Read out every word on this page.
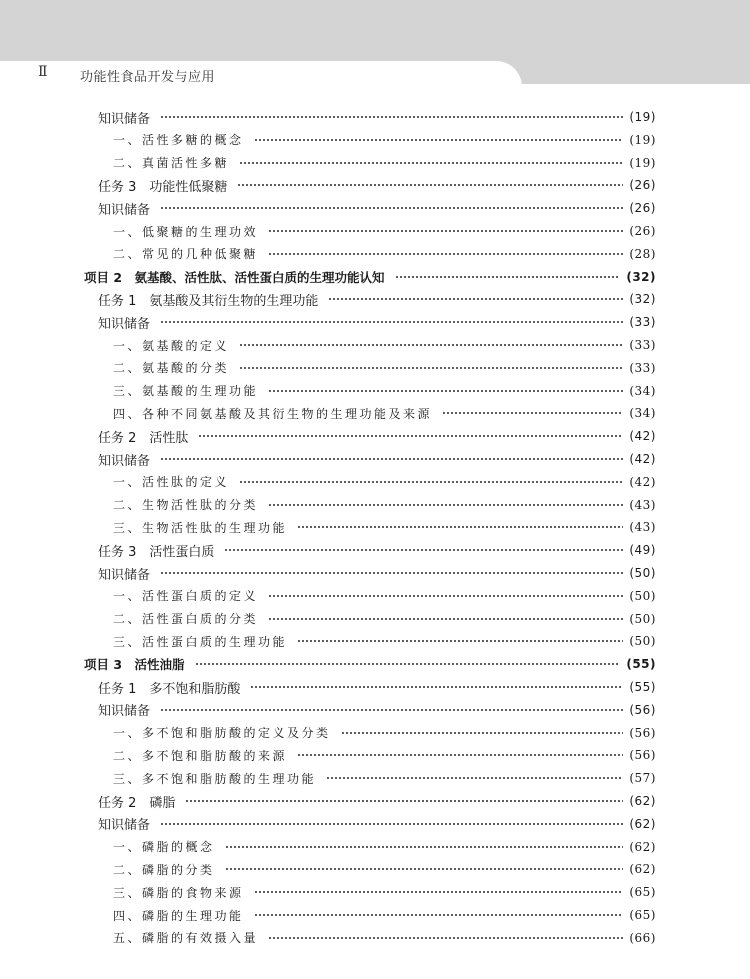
Ⅱ 功能性食品开发与应用
知识储备	(19)
一、活性多糖的概念	(19)
二、真菌活性多糖	(19)
任务 3　功能性低聚糖	(26)
知识储备	(26)
一、低聚糖的生理功效	(26)
二、常见的几种低聚糖	(28)
项目 2　氨基酸、活性肽、活性蛋白质的生理功能认知	(32)
任务 1　氨基酸及其衍生物的生理功能	(32)
知识储备	(33)
一、氨基酸的定义	(33)
二、氨基酸的分类	(33)
三、氨基酸的生理功能	(34)
四、各种不同氨基酸及其衍生物的生理功能及来源	(34)
任务 2　活性肽	(42)
知识储备	(42)
一、活性肽的定义	(42)
二、生物活性肽的分类	(43)
三、生物活性肽的生理功能	(43)
任务 3　活性蛋白质	(49)
知识储备	(50)
一、活性蛋白质的定义	(50)
二、活性蛋白质的分类	(50)
三、活性蛋白质的生理功能	(50)
项目 3　活性油脂	(55)
任务 1　多不饱和脂肪酸	(55)
知识储备	(56)
一、多不饱和脂肪酸的定义及分类	(56)
二、多不饱和脂肪酸的来源	(56)
三、多不饱和脂肪酸的生理功能	(57)
任务 2　磷脂	(62)
知识储备	(62)
一、磷脂的概念	(62)
二、磷脂的分类	(62)
三、磷脂的食物来源	(65)
四、磷脂的生理功能	(65)
五、磷脂的有效摄入量	(66)
